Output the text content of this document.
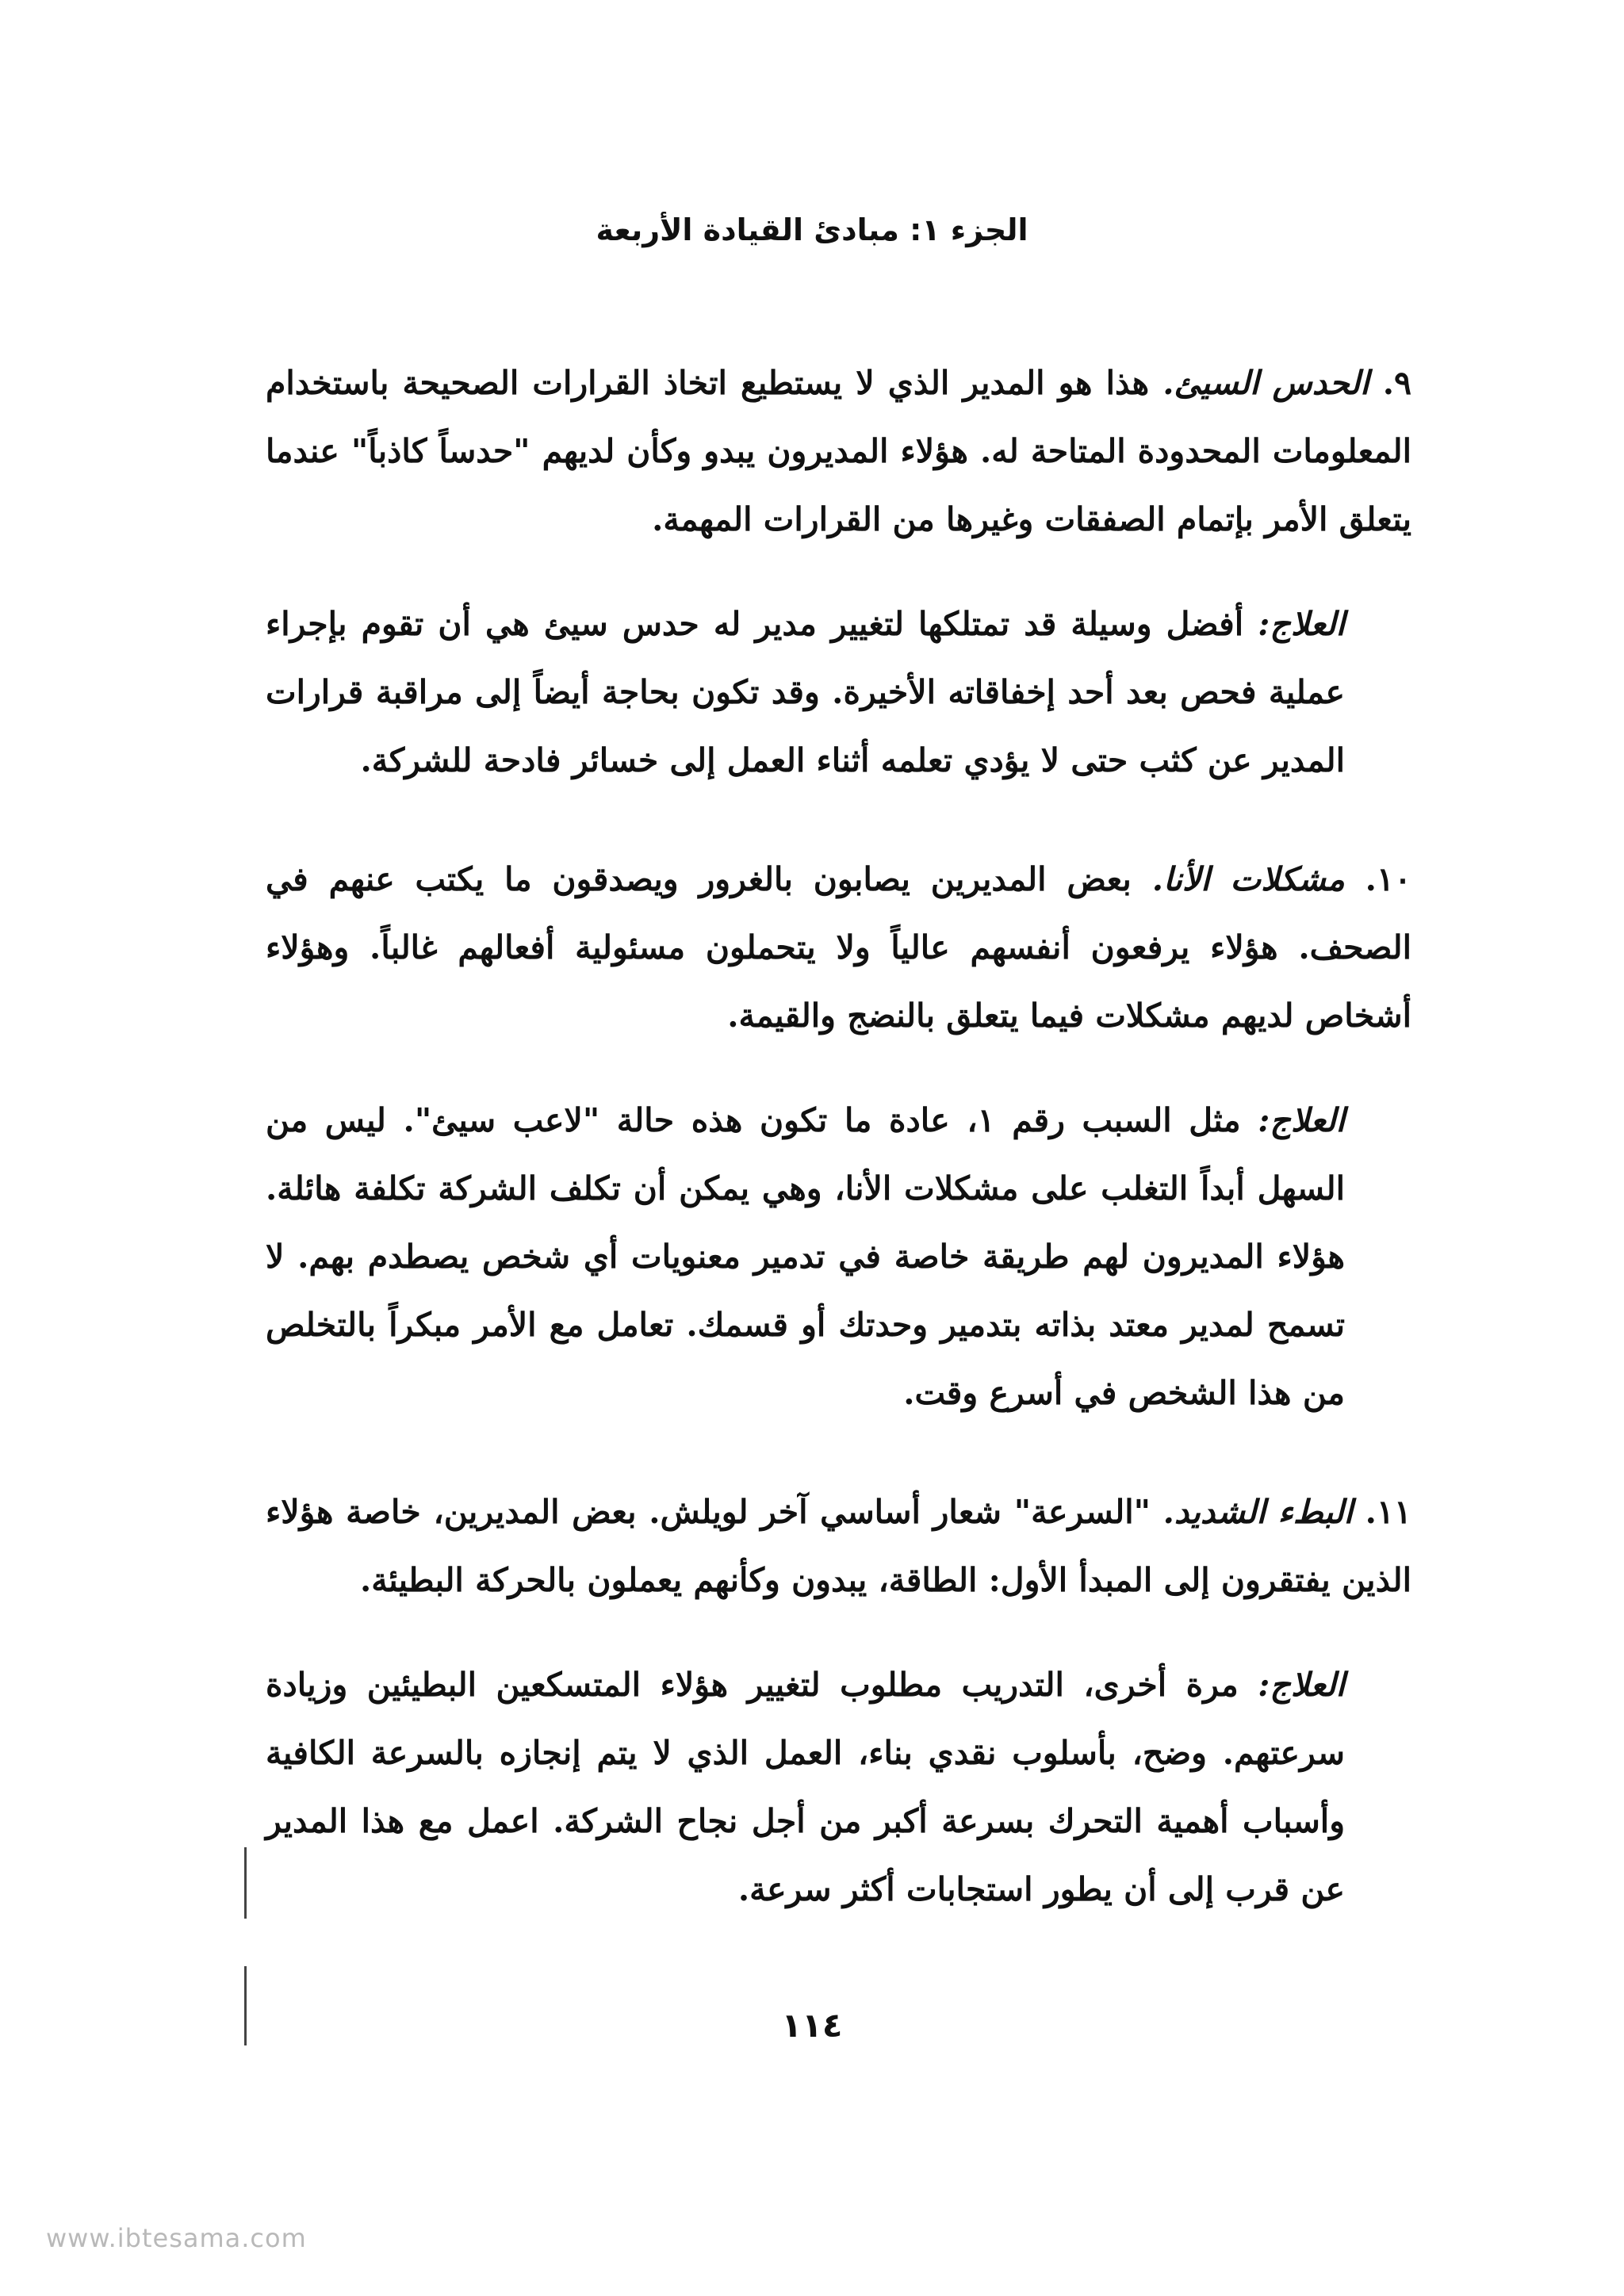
الجزء ١: مبادئ القيادة الأربعة

٩. الحدس السيئ. هذا هو المدير الذي لا يستطيع اتخاذ القرارات الصحيحة باستخدام المعلومات المحدودة المتاحة له. هؤلاء المديرون يبدو وكأن لديهم "حدساً كاذباً" عندما يتعلق الأمر بإتمام الصفقات وغيرها من القرارات المهمة.

العلاج: أفضل وسيلة قد تمتلكها لتغيير مدير له حدس سيئ هي أن تقوم بإجراء عملية فحص بعد أحد إخفاقاته الأخيرة. وقد تكون بحاجة أيضاً إلى مراقبة قرارات المدير عن كثب حتى لا يؤدي تعلمه أثناء العمل إلى خسائر فادحة للشركة.

١٠. مشكلات الأنا. بعض المديرين يصابون بالغرور ويصدقون ما يكتب عنهم في الصحف. هؤلاء يرفعون أنفسهم عالياً ولا يتحملون مسئولية أفعالهم غالباً. وهؤلاء أشخاص لديهم مشكلات فيما يتعلق بالنضج والقيمة.

العلاج: مثل السبب رقم ١، عادة ما تكون هذه حالة "لاعب سيئ". ليس من السهل أبداً التغلب على مشكلات الأنا، وهي يمكن أن تكلف الشركة تكلفة هائلة. هؤلاء المديرون لهم طريقة خاصة في تدمير معنويات أي شخص يصطدم بهم. لا تسمح لمدير معتد بذاته بتدمير وحدتك أو قسمك. تعامل مع الأمر مبكراً بالتخلص من هذا الشخص في أسرع وقت.

١١. البطء الشديد. "السرعة" شعار أساسي آخر لويلش. بعض المديرين، خاصة هؤلاء الذين يفتقرون إلى المبدأ الأول: الطاقة، يبدون وكأنهم يعملون بالحركة البطيئة.

العلاج: مرة أخرى، التدريب مطلوب لتغيير هؤلاء المتسكعين البطيئين وزيادة سرعتهم. وضح، بأسلوب نقدي بناء، العمل الذي لا يتم إنجازه بالسرعة الكافية وأسباب أهمية التحرك بسرعة أكبر من أجل نجاح الشركة. اعمل مع هذا المدير عن قرب إلى أن يطور استجابات أكثر سرعة.

١١٤
www.ibtesama.com
